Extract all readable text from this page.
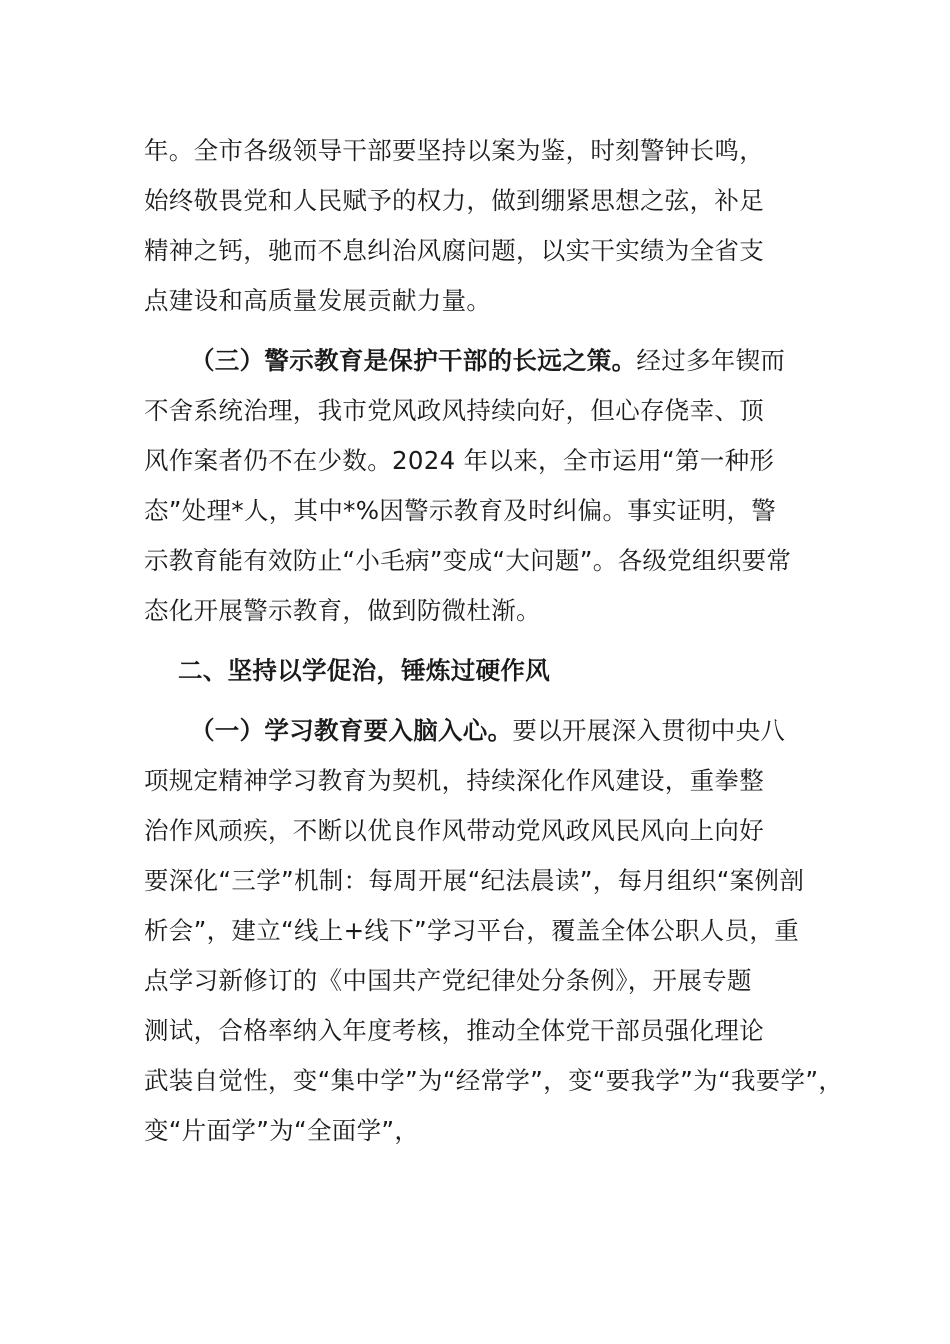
年。全市各级领导干部要坚持以案为鉴，时刻警钟长鸣，
始终敬畏党和人民赋予的权力，做到绷紧思想之弦，补足
精神之钙，驰而不息纠治风腐问题，以实干实绩为全省支
点建设和高质量发展贡献力量。
（三）警示教育是保护干部的长远之策。经过多年锲而
不舍系统治理，我市党风政风持续向好，但心存侥幸、顶
风作案者仍不在少数。2024 年以来，全市运用“第一种形
态”处理*人，其中*%因警示教育及时纠偏。事实证明，警
示教育能有效防止“小毛病”变成“大问题”。各级党组织要常
态化开展警示教育，做到防微杜渐。
二、坚持以学促治，锤炼过硬作风
（一）学习教育要入脑入心。要以开展深入贯彻中央八
项规定精神学习教育为契机，持续深化作风建设，重拳整
治作风顽疾，不断以优良作风带动党风政风民风向上向好
要深化“三学”机制：每周开展“纪法晨读”，每月组织“案例剖
析会”，建立“线上+线下”学习平台，覆盖全体公职人员，重
点学习新修订的《中国共产党纪律处分条例》，开展专题
测试，合格率纳入年度考核，推动全体党干部员强化理论
武装自觉性，变“集中学”为“经常学”，变“要我学”为“我要学”，
变“片面学”为“全面学”，
